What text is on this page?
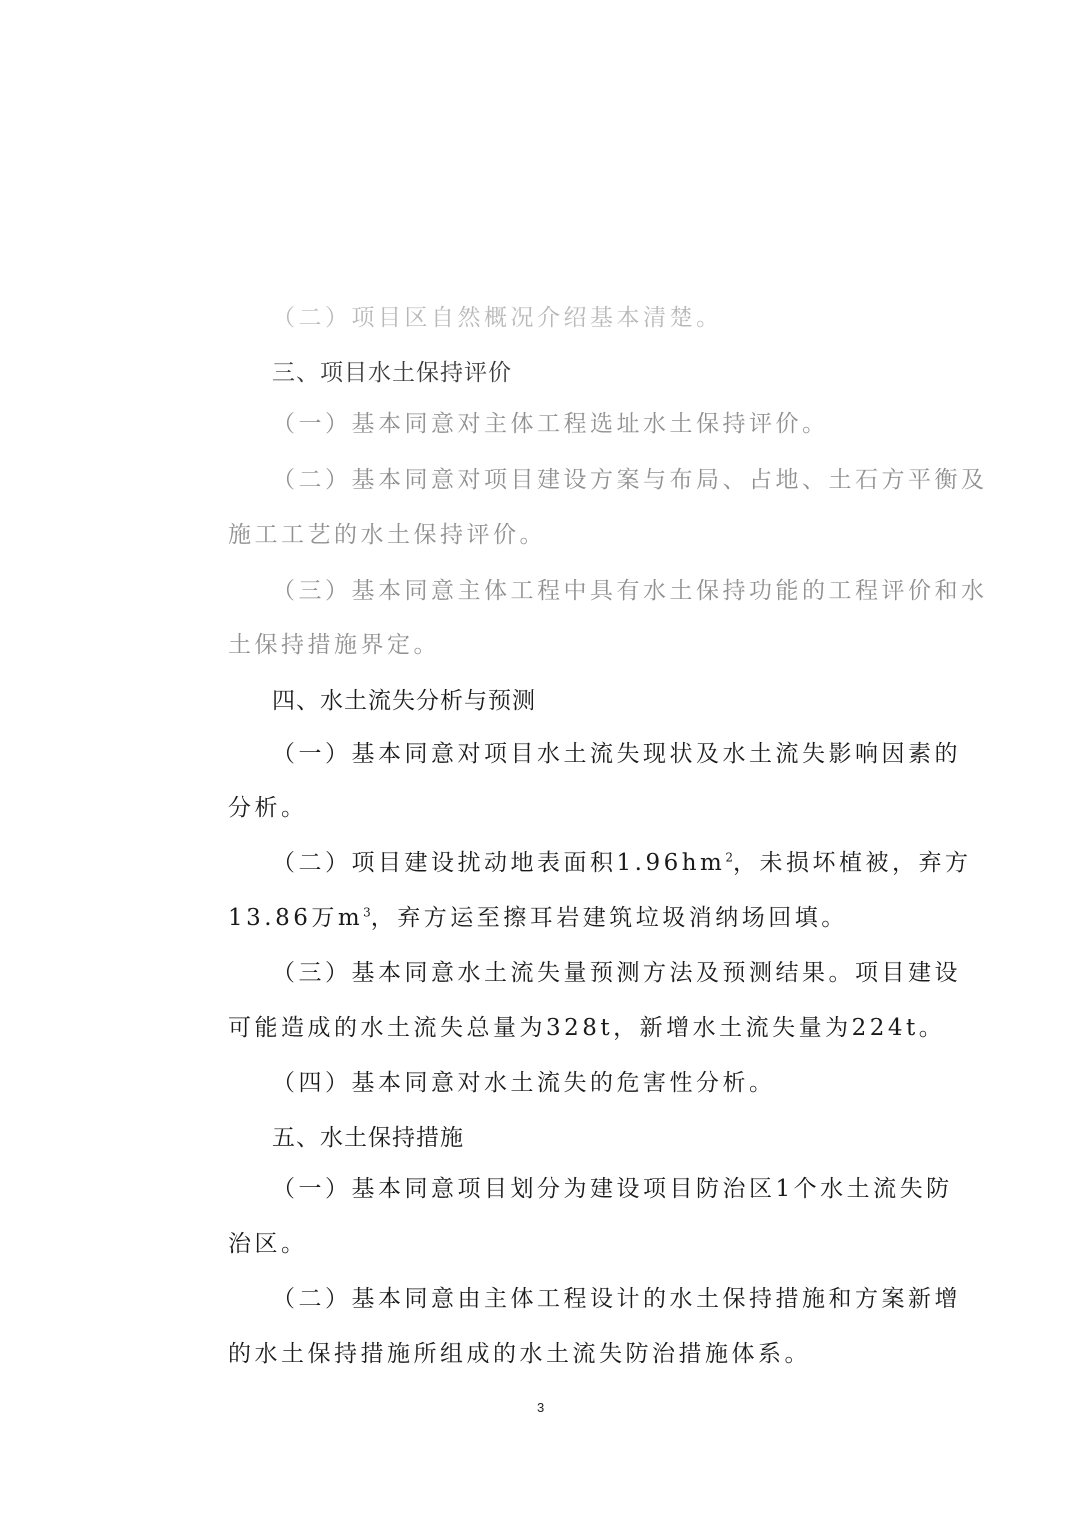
（二）项目区自然概况介绍基本清楚。
三、项目水土保持评价
（一）基本同意对主体工程选址水土保持评价。
（二）基本同意对项目建设方案与布局、占地、土石方平衡及
施工工艺的水土保持评价。
（三）基本同意主体工程中具有水土保持功能的工程评价和水
土保持措施界定。
四、水土流失分析与预测
（一）基本同意对项目水土流失现状及水土流失影响因素的
分析。
（二）项目建设扰动地表面积$1.96hm^2$，未损坏植被，弃方
13.86万$m^3$，弃方运至擦耳岩建筑垃圾消纳场回填。
（三）基本同意水土流失量预测方法及预测结果。项目建设
可能造成的水土流失总量为328t，新增水土流失量为224t。
（四）基本同意对水土流失的危害性分析。
五、水土保持措施
（一）基本同意项目划分为建设项目防治区1个水土流失防
治区。
（二）基本同意由主体工程设计的水土保持措施和方案新增
的水土保持措施所组成的水土流失防治措施体系。
3
